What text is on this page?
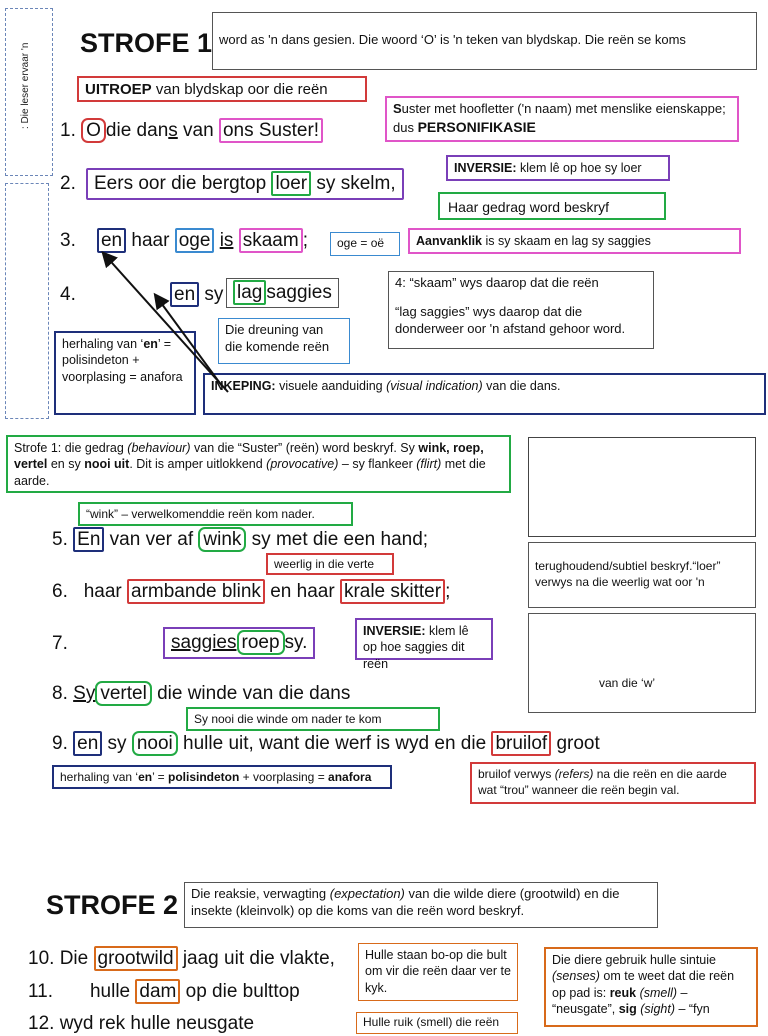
: Die leser ervaar 'n STROFE 1 word as 'n dans gesien. Die woord ‘O’ is 'n teken van blydskap. Die reën se koms
UITROEP van blydskap oor die reën
Suster met hoofletter ('n naam) met menslike eienskappe; dus PERSONIFIKASIE
1. O die dans van ons Suster!
INVERSIE: klem lê op hoe sy loer
2. Eers oor die bergtop loer sy skelm,
Haar gedrag word beskryf
3. en haar oge is skaam ;	oge = oë	Aanvanklik is sy skaam en lag sy saggies
4.	en sy lag saggies	4: “skaam” wys daarop dat die reën
“lag saggies” wys daarop dat die donderweer oor 'n afstand gehoor word.
Die dreuning van die komende reën
herhaling van ‘en’ = polisindeton + voorplasing = anafora
INKEPING: visuele aanduiding (visual indication) van die dans.
Strofe 1: die gedrag (behaviour) van die “Suster” (reën) word beskryf. Sy wink, roep, vertel en sy nooi uit. Dit is amper uitlokkend (provocative) – sy flankeer (flirt) met die aarde.
terughoudend/subtiel beskryf.“loer” verwys na die weerlig wat oor 'n
van die ‘w’
“wink” – verwelkomenddie reën kom nader.
5. En van ver af wink sy met die een hand;
weerlig in die verte
6. haar armbande blink en haar krale skitter ;
7.	saggies roep sy.
INVERSIE: klem lê op hoe saggies dit reën
8. Sy vertel die winde van die dans
Sy nooi die winde om nader te kom
9. en sy nooi hulle uit, want die werf is wyd en die bruilof groot
herhaling van ‘en’ = polisindeton + voorplasing = anafora	bruilof verwys (refers) na die reën en die aarde wat “trou” wanneer die reën begin val.
STROFE 2 Die reaksie, verwagting (expectation) van die wilde diere (grootwild) en die insekte (kleinvolk) op die koms van die reën word beskryf.
10. Die grootwild jaag uit die vlakte,	Hulle staan bo-op die bult om vir die reën daar ver te kyk.
Die diere gebruik hulle sintuie (senses) om te weet dat die reën op pad is: reuk (smell) – “neusgate”, sig (sight) – “fyn
11. hulle dam op die bulttop
12. wyd rek hulle neusgate	Hulle ruik (smell) die reën
